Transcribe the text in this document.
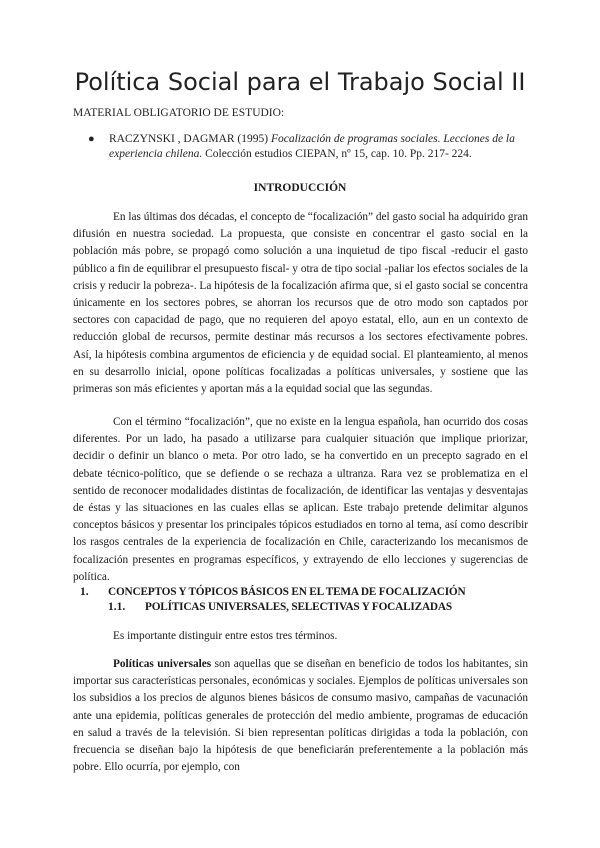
Política Social para el Trabajo Social II

MATERIAL OBLIGATORIO DE ESTUDIO:

● RACZYNSKI , DAGMAR (1995) Focalización de programas sociales. Lecciones de la experiencia chilena. Colección estudios CIEPAN, nº 15, cap. 10. Pp. 217- 224.

INTRODUCCIÓN

En las últimas dos décadas, el concepto de “focalización” del gasto social ha adquirido gran difusión en nuestra sociedad. La propuesta, que consiste en concentrar el gasto social en la población más pobre, se propagó como solución a una inquietud de tipo fiscal -reducir el gasto público a fin de equilibrar el presupuesto fiscal- y otra de tipo social -paliar los efectos sociales de la crisis y reducir la pobreza-. La hipótesis de la focalización afirma que, si el gasto social se concentra únicamente en los sectores pobres, se ahorran los recursos que de otro modo son captados por sectores con capacidad de pago, que no requieren del apoyo estatal, ello, aun en un contexto de reducción global de recursos, permite destinar más recursos a los sectores efectivamente pobres. Así, la hipótesis combina argumentos de eficiencia y de equidad social. El planteamiento, al menos en su desarrollo inicial, opone políticas focalizadas a políticas universales, y sostiene que las primeras son más eficientes y aportan más a la equidad social que las segundas.

Con el término “focalización”, que no existe en la lengua española, han ocurrido dos cosas diferentes. Por un lado, ha pasado a utilizarse para cualquier situación que implique priorizar, decidir o definir un blanco o meta. Por otro lado, se ha convertido en un precepto sagrado en el debate técnico-político, que se defiende o se rechaza a ultranza. Rara vez se problematiza en el sentido de reconocer modalidades distintas de focalización, de identificar las ventajas y desventajas de éstas y las situaciones en las cuales ellas se aplican. Este trabajo pretende delimitar algunos conceptos básicos y presentar los principales tópicos estudiados en torno al tema, así como describir los rasgos centrales de la experiencia de focalización en Chile, caracterizando los mecanismos de focalización presentes en programas específicos, y extrayendo de ello lecciones y sugerencias de política.

1. CONCEPTOS Y TÓPICOS BÁSICOS EN EL TEMA DE FOCALIZACIÓN
1.1. POLÍTICAS UNIVERSALES, SELECTIVAS Y FOCALIZADAS

Es importante distinguir entre estos tres términos.

Políticas universales son aquellas que se diseñan en beneficio de todos los habitantes, sin importar sus características personales, económicas y sociales. Ejemplos de políticas universales son los subsidios a los precios de algunos bienes básicos de consumo masivo, campañas de vacunación ante una epidemia, políticas generales de protección del medio ambiente, programas de educación en salud a través de la televisión. Si bien representan políticas dirigidas a toda la población, con frecuencia se diseñan bajo la hipótesis de que beneficiarán preferentemente a la población más pobre. Ello ocurría, por ejemplo, con
